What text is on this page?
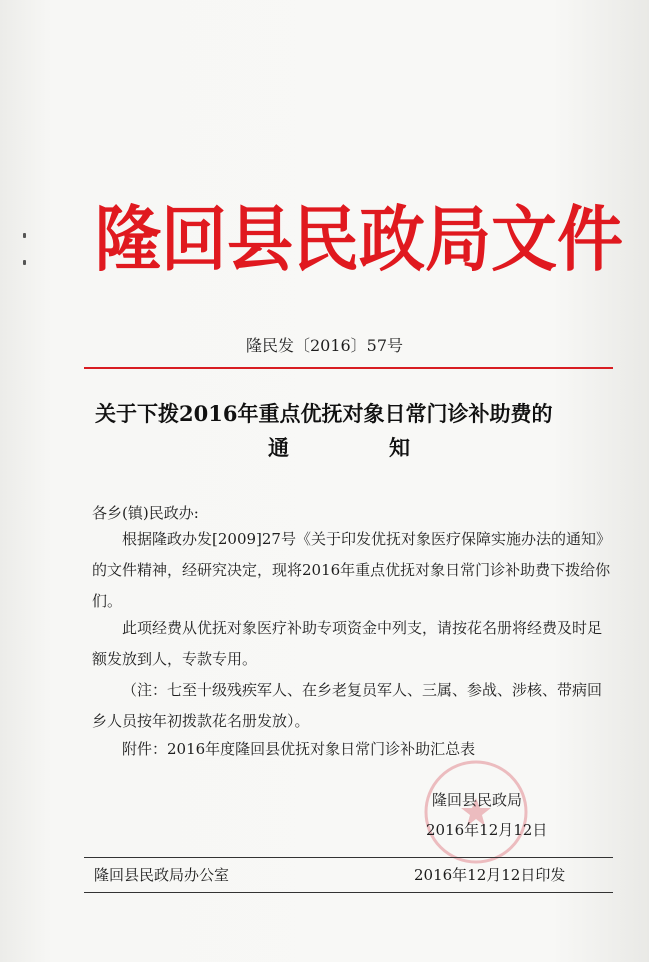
隆回县民政局文件
隆民发〔2016〕57号
关于下拨2016年重点优抚对象日常门诊补助费的
通知
各乡(镇)民政办:
根据隆政办发[2009]27号《关于印发优抚对象医疗保障实施办法的通知》的文件精神，经研究决定，现将2016年重点优抚对象日常门诊补助费下拨给你们。
此项经费从优抚对象医疗补助专项资金中列支，请按花名册将经费及时足额发放到人，专款专用。
（注：七至十级残疾军人、在乡老复员军人、三属、参战、涉核、带病回乡人员按年初拨款花名册发放）。
附件：2016年度隆回县优抚对象日常门诊补助汇总表
隆回县民政局
2016年12月12日
隆回县民政局办公室	2016年12月12日印发
